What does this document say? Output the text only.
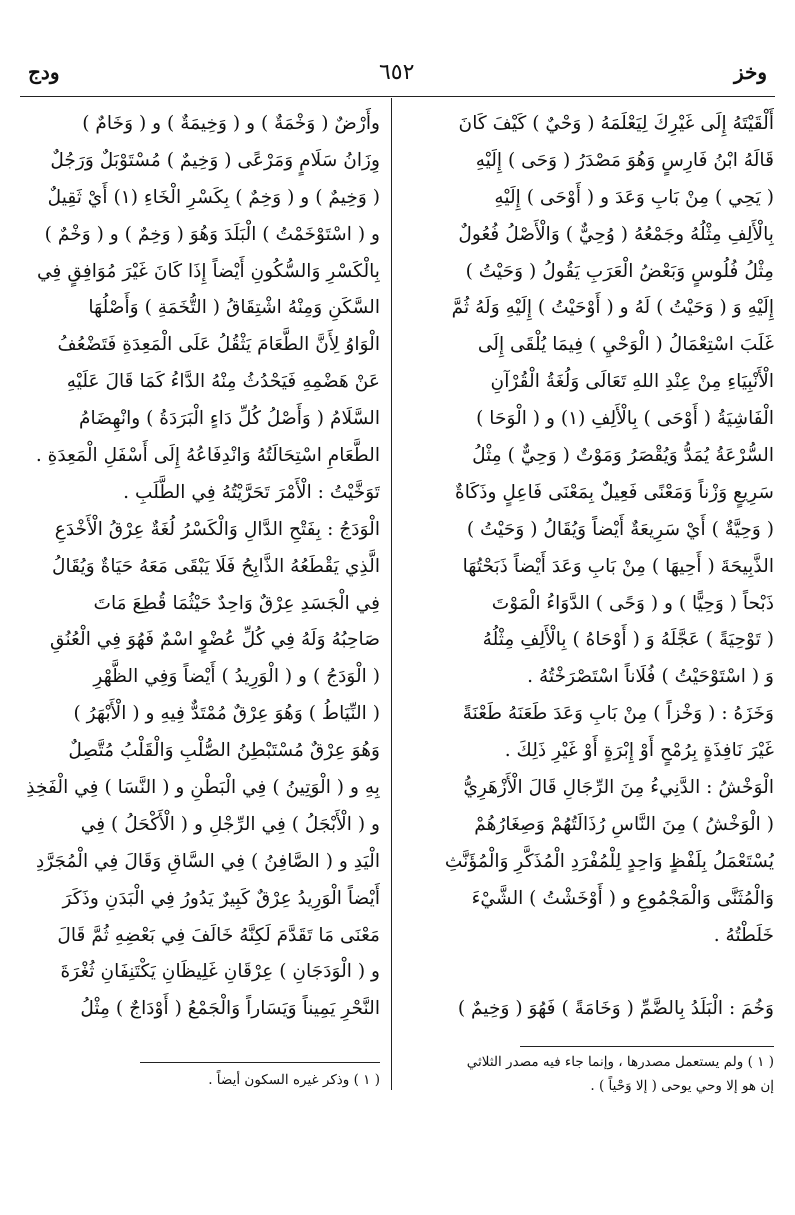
وخز
٦٥٢
ودج
أَلْقَيْتَهُ إِلَى غَيْرِكَ لِيَعْلَمَهُ ( وَحْيٌ ) كَيْفَ كَانَ
قَالَهُ ابْنُ فَارِسٍ وَهُوَ مَصْدَرُ ( وَحَى ) إِلَيْهِ
( يَحِي ) مِنْ بَابِ وَعَدَ و ( أَوْحَى ) إِلَيْهِ
بِالْأَلِفِ مِثْلُهُ وجَمْعُهُ ( وُحِيٌّ ) وَالْأَصْلُ فُعُولٌ
مِثْلُ فُلُوسٍ وَبَعْضُ الْعَرَبِ يَقُولُ ( وَحَيْتُ )
إِلَيْهِ وَ ( وَحَيْتُ ) لَهُ و ( أَوْحَيْتُ ) إِلَيْهِ وَلَهُ ثُمَّ
غَلَبَ اسْتِعْمَالُ ( الْوَحْيِ ) فِيمَا يُلْقَى إِلَى
الْأَنْبِيَاءِ مِنْ عِنْدِ اللهِ تَعَالَى وَلُغَةُ الْقُرْآنِ
الْفَاشِيَةُ ( أَوْحَى ) بِالْأَلِفِ (١) و ( الْوَحَا )
السُّرْعَةُ يُمَدُّ وَيُقْصَرُ وَمَوْتٌ ( وَحِيٌّ ) مِثْلُ
سَرِيعٍ وَزْناً وَمَعْنًى فَعِيلٌ بِمَعْنَى فَاعِلٍ وذَكَاةٌ
( وَحِيَّةٌ ) أَيْ سَرِيعَةٌ أَيْضاً وَيُقَالُ ( وَحَيْتُ )
الذَّبِيحَةَ ( أَحِيهَا ) مِنْ بَابِ وَعَدَ أَيْضاً ذَبَحْتُهَا
ذَبْحاً ( وَحِيًّا ) و ( وَحًى ) الدَّوَاءُ الْمَوْتَ
( تَوْحِيَةً ) عَجَّلَهُ وَ ( أَوْحَاهُ ) بِالْأَلِفِ مِثْلُهُ
وَ ( اسْتَوْحَيْتُ ) فُلَاناً اسْتَصْرَخْتُهُ .
وَخَزَهُ : ( وَخْزاً ) مِنْ بَابِ وَعَدَ طَعَنَهُ طَعْنَةً
غَيْرَ نَافِذَةٍ بِرُمْحٍ أَوْ إِبْرَةٍ أَوْ غَيْرِ ذَلِكَ .
الْوَخْشُ : الدَّنِيءُ مِنَ الرِّجَالِ قَالَ الْأَزْهَرِيُّ
( الْوَخْشُ ) مِنَ النَّاسِ رُذَالَتُهُمْ وَصِغَارُهُمْ
يُسْتَعْمَلُ بِلَفْظٍ وَاحِدٍ لِلْمُفْرَدِ الْمُذَكَّرِ وَالْمُؤَنَّثِ
وَالْمُثَنَّى وَالْمَجْمُوعِ و ( أَوْخَشْتُ ) الشَّيْءَ
خَلَطْتُهُ .
وَخُمَ : الْبَلَدُ بِالضَّمِّ ( وَخَامَةً ) فَهُوَ ( وَخِيمٌ )
وأَرْضٌ ( وَخْمَةٌ ) و ( وَخِيمَةٌ ) و ( وَخَامٌ )
وِزَانُ سَلَامٍ وَمَرْعًى ( وَخِيمٌ ) مُسْتَوْبَلٌ وَرَجُلٌ
( وَخِيمٌ ) و ( وَخِمٌ ) بِكَسْرِ الْخَاءِ (١) أَيْ ثَقِيلٌ
و ( اسْتَوْخَمْتُ ) الْبَلَدَ وَهُوَ ( وَخِمٌ ) و ( وَخْمٌ )
بِالْكَسْرِ وَالسُّكُونِ أَيْضاً إِذَا كَانَ غَيْرَ مُوَافِقٍ فِي
السَّكَنِ وَمِنْهُ اشْتِقَاقُ ( التُّخَمَةِ ) وَأَصْلُهَا
الْوَاوُ لِأَنَّ الطَّعَامَ يَثْقُلُ عَلَى الْمَعِدَةِ فَتَضْعُفُ
عَنْ هَضْمِهِ فَيَحْدُثُ مِنْهُ الدَّاءُ كَمَا قَالَ عَلَيْهِ
السَّلَامُ ( وَأَصْلُ كُلِّ دَاءٍ الْبَرَدَةُ ) وانْهِضَامُ
الطَّعَامِ اسْتِحَالَتُهُ وَانْدِفَاعُهُ إِلَى أَسْفَلِ الْمَعِدَةِ .
تَوَخَّيْتُ : الْأَمْرَ تَحَرَّيْتُهُ فِي الطَّلَبِ .
الْوَدَجُ : بِفَتْحِ الدَّالِ وَالْكَسْرُ لُغَةٌ عِرْقُ الْأَخْدَعِ
الَّذِي يَقْطَعُهُ الذَّابِحُ فَلَا يَبْقَى مَعَهُ حَيَاةٌ وَيُقَالُ
فِي الْجَسَدِ عِرْقٌ وَاحِدٌ حَيْثُمَا قُطِعَ مَاتَ
صَاحِبُهُ وَلَهُ فِي كُلِّ عُضْوٍ اسْمٌ فَهُوَ فِي الْعُنُقِ
( الْوَدَجُ ) و ( الْوَرِيدُ ) أَيْضاً وَفِي الظَّهْرِ
( النِّيَاطُ ) وَهُوَ عِرْقٌ مُمْتَدٌّ فِيهِ و ( الْأَبْهَرُ )
وَهُوَ عِرْقٌ مُسْتَبْطِنُ الصُّلْبِ وَالْقَلْبُ مُتَّصِلٌ
بِهِ و ( الْوَتِينُ ) فِي الْبَطْنِ و ( النَّسَا ) فِي الْفَخِذِ
و ( الْأَبْجَلُ ) فِي الرِّجْلِ و ( الْأَكْحَلُ ) فِي
الْيَدِ و ( الصَّافِنُ ) فِي السَّاقِ وَقَالَ فِي الْمُجَرَّدِ
أَيْضاً الْوَرِيدُ عِرْقٌ كَبِيرٌ يَدُورُ فِي الْبَدَنِ وذَكَرَ
مَعْنَى مَا تَقَدَّمَ لَكِنَّهُ خَالَفَ فِي بَعْضِهِ ثُمَّ قَالَ
و ( الْوَدَجَانِ ) عِرْقَانِ غَلِيظَانِ يَكْتَنِفَانِ ثُغْرَةَ
النَّحْرِ يَمِيناً وَيَسَاراً وَالْجَمْعُ ( أَوْدَاجٌ ) مِثْلُ
( ١ ) ولم يستعمل مصدرها ، وإنما جاء فيه مصدر الثلاثي
إن هو إلا وحي يوحى ( إلا وَحْياً ) .
( ١ ) وذكر غيره السكون أيضاً .
